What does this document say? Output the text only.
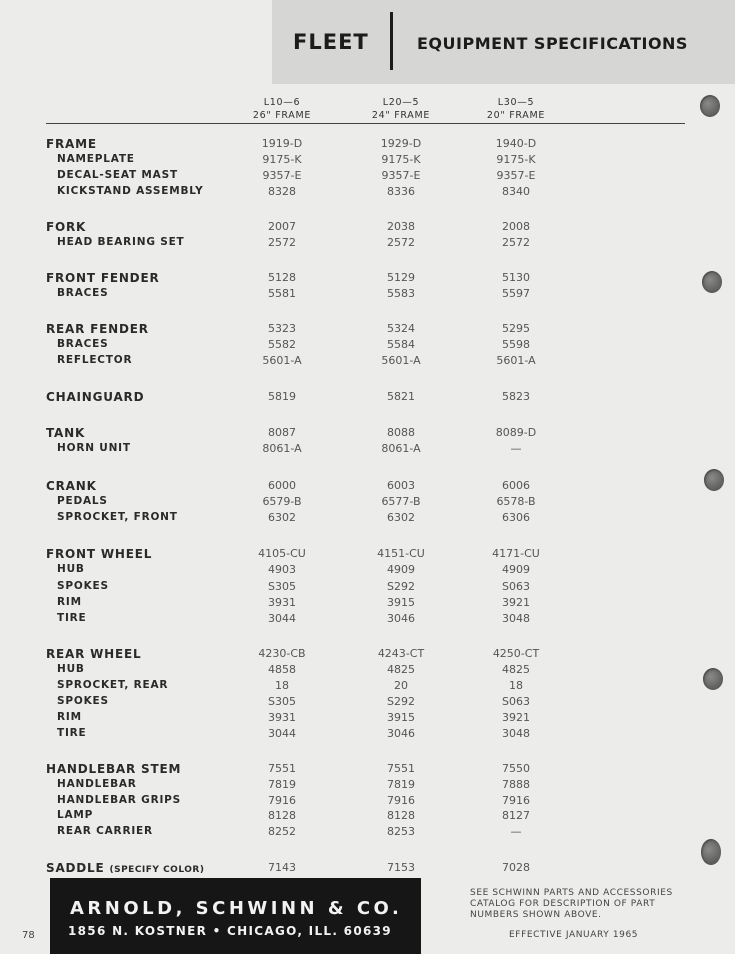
FLEET	EQUIPMENT SPECIFICATIONS
L10—6
26" FRAME
L20—5
24" FRAME
L30—5
20" FRAME
FRAME	1919-D	1929-D	1940-D
NAMEPLATE	9175-K	9175-K	9175-K
DECAL-SEAT MAST	9357-E	9357-E	9357-E
KICKSTAND ASSEMBLY	8328	8336	8340
FORK	2007	2038	2008
HEAD BEARING SET	2572	2572	2572
FRONT FENDER	5128	5129	5130
BRACES	5581	5583	5597
REAR FENDER	5323	5324	5295
BRACES	5582	5584	5598
REFLECTOR	5601-A	5601-A	5601-A
CHAINGUARD	5819	5821	5823
TANK	8087	8088	8089-D
HORN UNIT	8061-A	8061-A	—
CRANK	6000	6003	6006
PEDALS	6579-B	6577-B	6578-B
SPROCKET, FRONT	6302	6302	6306
FRONT WHEEL	4105-CU	4151-CU	4171-CU
HUB	4903	4909	4909
SPOKES	S305	S292	S063
RIM	3931	3915	3921
TIRE	3044	3046	3048
REAR WHEEL	4230-CB	4243-CT	4250-CT
HUB	4858	4825	4825
SPROCKET, REAR	18	20	18
SPOKES	S305	S292	S063
RIM	3931	3915	3921
TIRE	3044	3046	3048
HANDLEBAR STEM	7551	7551	7550
HANDLEBAR	7819	7819	7888
HANDLEBAR GRIPS	7916	7916	7916
LAMP	8128	8128	8127
REAR CARRIER	8252	8253	—
SADDLE (SPECIFY COLOR)	7143	7153	7028
ARNOLD, SCHWINN & CO.
1856 N. KOSTNER • CHICAGO, ILL. 60639
78
SEE SCHWINN PARTS AND ACCESSORIES CATALOG FOR DESCRIPTION OF PART NUMBERS SHOWN ABOVE.
EFFECTIVE JANUARY 1965
